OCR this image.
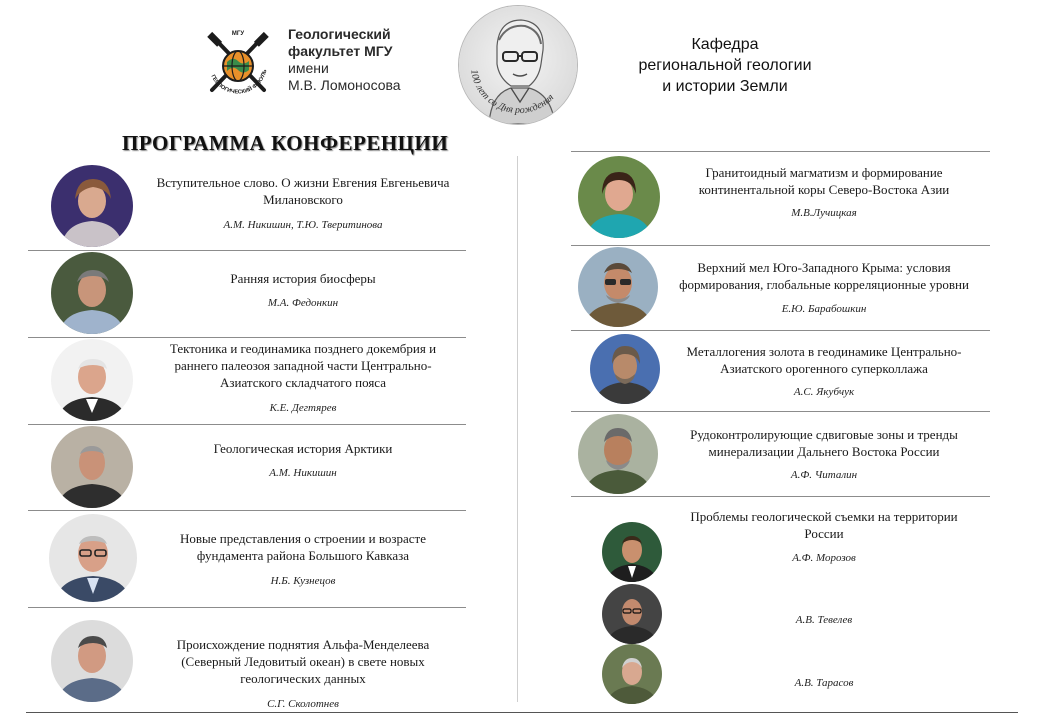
МГУ
ГЕОЛОГИЧЕСКИЙ ФАКУЛЬ
Геологический
факультет МГУ
имени
М.В. Ломоносова
100 лет со Дня рождения
Кафедра
региональной геологии
и истории Земли
ПРОГРАММА КОНФЕРЕНЦИИ
Вступительное слово. О жизни Евгения Евгеньевича
Милановского
А.М. Никишин, Т.Ю. Тверитинова
Ранняя история биосферы
М.А. Федонкин
Тектоника и геодинамика позднего докембрия и
раннего палеозоя западной части Центрально-
Азиатского складчатого пояса
К.Е. Дегтярев
Геологическая история Арктики
А.М. Никишин
Новые представления о строении и возрасте
фундамента района Большого Кавказа
Н.Б. Кузнецов
Происхождение поднятия Альфа-Менделеева
(Северный Ледовитый океан) в свете новых
геологических данных
С.Г. Сколотнев
Гранитоидный магматизм и формирование
континентальной коры Северо-Востока Азии
М.В.Лучицкая
Верхний мел Юго-Западного Крыма: условия
формирования, глобальные корреляционные уровни
Е.Ю. Барабошкин
Металлогения золота в геодинамике Центрально-
Азиатского орогенного суперколлажа
А.С. Якубчук
Рудоконтролирующие сдвиговые зоны и тренды
минерализации Дальнего Востока России
А.Ф. Читалин
Проблемы геологической съемки на территории
России
А.Ф. Морозов
А.В. Тевелев
А.В. Тарасов
